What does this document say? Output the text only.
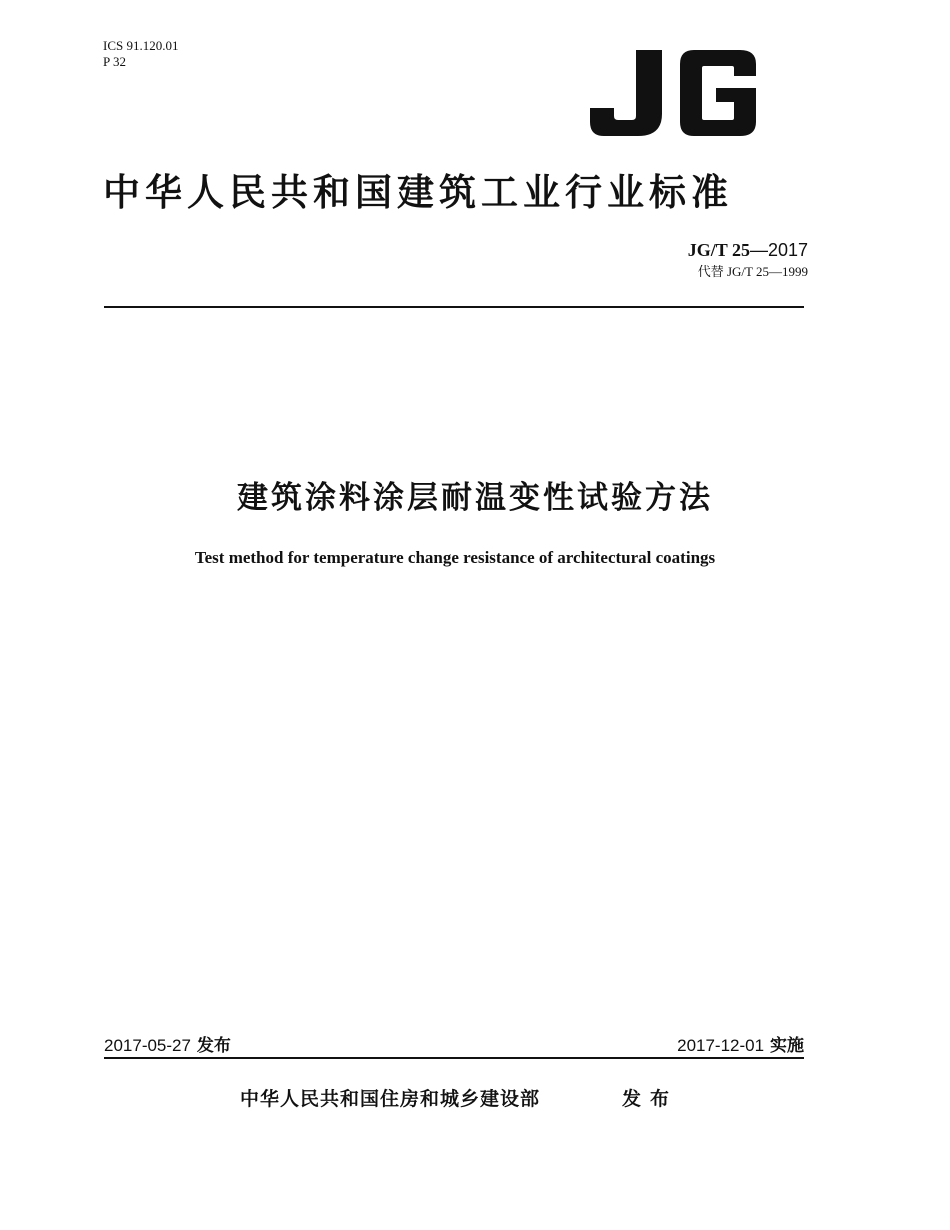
ICS 91.120.01
P 32
中华人民共和国建筑工业行业标准
JG/T 25—2017
代替 JG/T 25—1999
建筑涂料涂层耐温变性试验方法
Test method for temperature change resistance of architectural coatings
2017-05-27 发布	2017-12-01 实施
中华人民共和国住房和城乡建设部	发布
